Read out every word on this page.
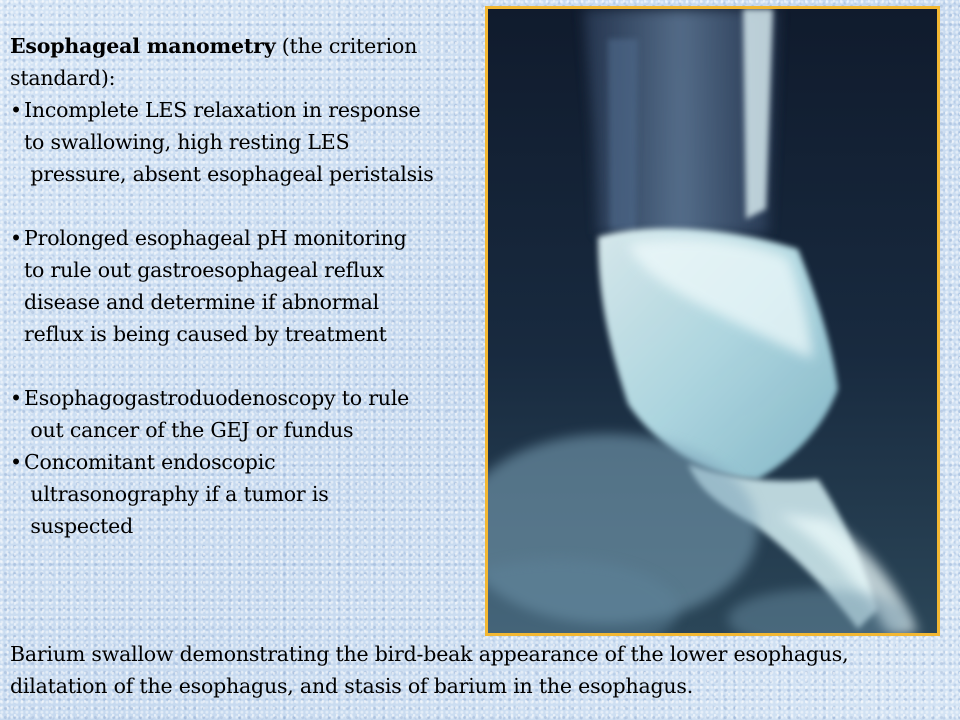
Esophageal manometry (the criterion

standard):

• Incomplete LES relaxation in response
to swallowing, high resting LES
pressure, absent esophageal peristalsis
• Prolonged esophageal pH monitoring
to rule out gastroesophageal reflux
disease and determine if abnormal
reflux is being caused by treatment
• Esophagogastroduodenoscopy to rule
out cancer of the GEJ or fundus
• Concomitant endoscopic
ultrasonography if a tumor is
suspected

Barium swallow demonstrating the bird-beak appearance of the lower esophagus, dilatation of the esophagus, and stasis of barium in the esophagus.
